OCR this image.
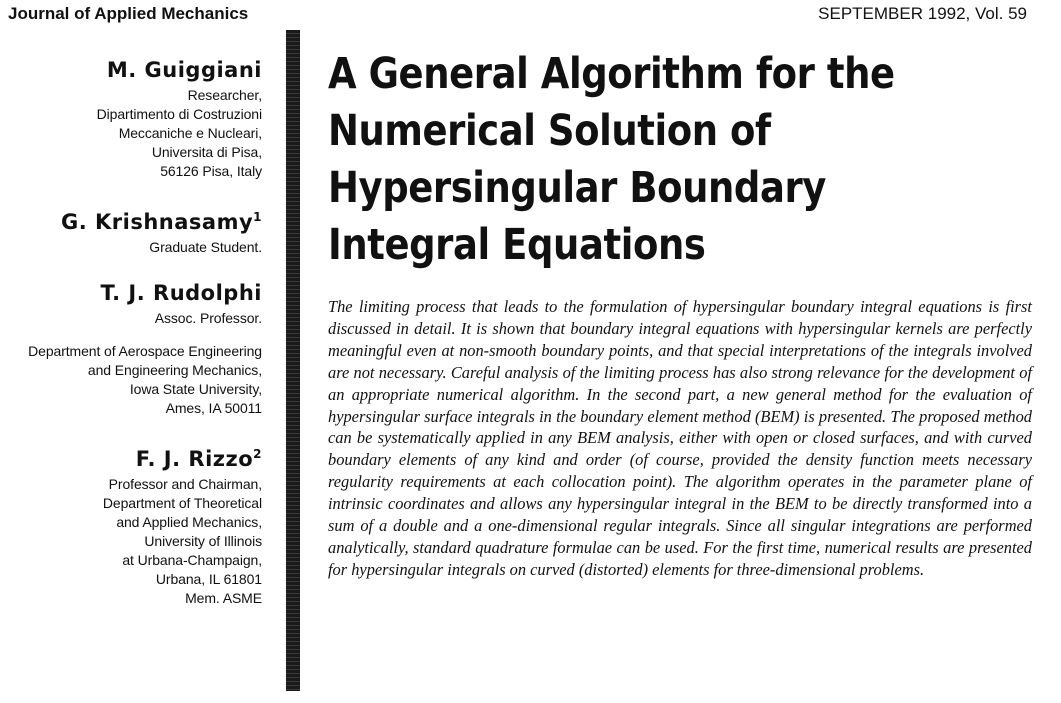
Journal of Applied Mechanics	SEPTEMBER 1992, Vol. 59
M. Guiggiani
Researcher,
Dipartimento di Costruzioni
Meccaniche e Nucleari,
Universita di Pisa,
56126 Pisa, Italy
G. Krishnasamy$^1$
Graduate Student.
T. J. Rudolphi
Assoc. Professor.
Department of Aerospace Engineering
and Engineering Mechanics,
Iowa State University,
Ames, IA 50011
F. J. Rizzo$^2$
Professor and Chairman,
Department of Theoretical
and Applied Mechanics,
University of Illinois
at Urbana-Champaign,
Urbana, IL 61801
Mem. ASME
A General Algorithm for the Numerical Solution of Hypersingular Boundary Integral Equations
The limiting process that leads to the formulation of hypersingular boundary integral equations is first discussed in detail. It is shown that boundary integral equations with hypersingular kernels are perfectly meaningful even at non-smooth boundary points, and that special interpretations of the integrals involved are not necessary. Careful analysis of the limiting process has also strong relevance for the development of an appropriate numerical algorithm. In the second part, a new general method for the evaluation of hypersingular surface integrals in the boundary element method (BEM) is presented. The proposed method can be systematically applied in any BEM analysis, either with open or closed surfaces, and with curved boundary elements of any kind and order (of course, provided the density function meets necessary regularity requirements at each collocation point). The algorithm operates in the parameter plane of intrinsic coordinates and allows any hypersingular integral in the BEM to be directly transformed into a sum of a double and a one-dimensional regular integrals. Since all singular integrations are performed analytically, standard quadrature formulae can be used. For the first time, numerical results are presented for hypersingular integrals on curved (distorted) elements for three-dimensional problems.
